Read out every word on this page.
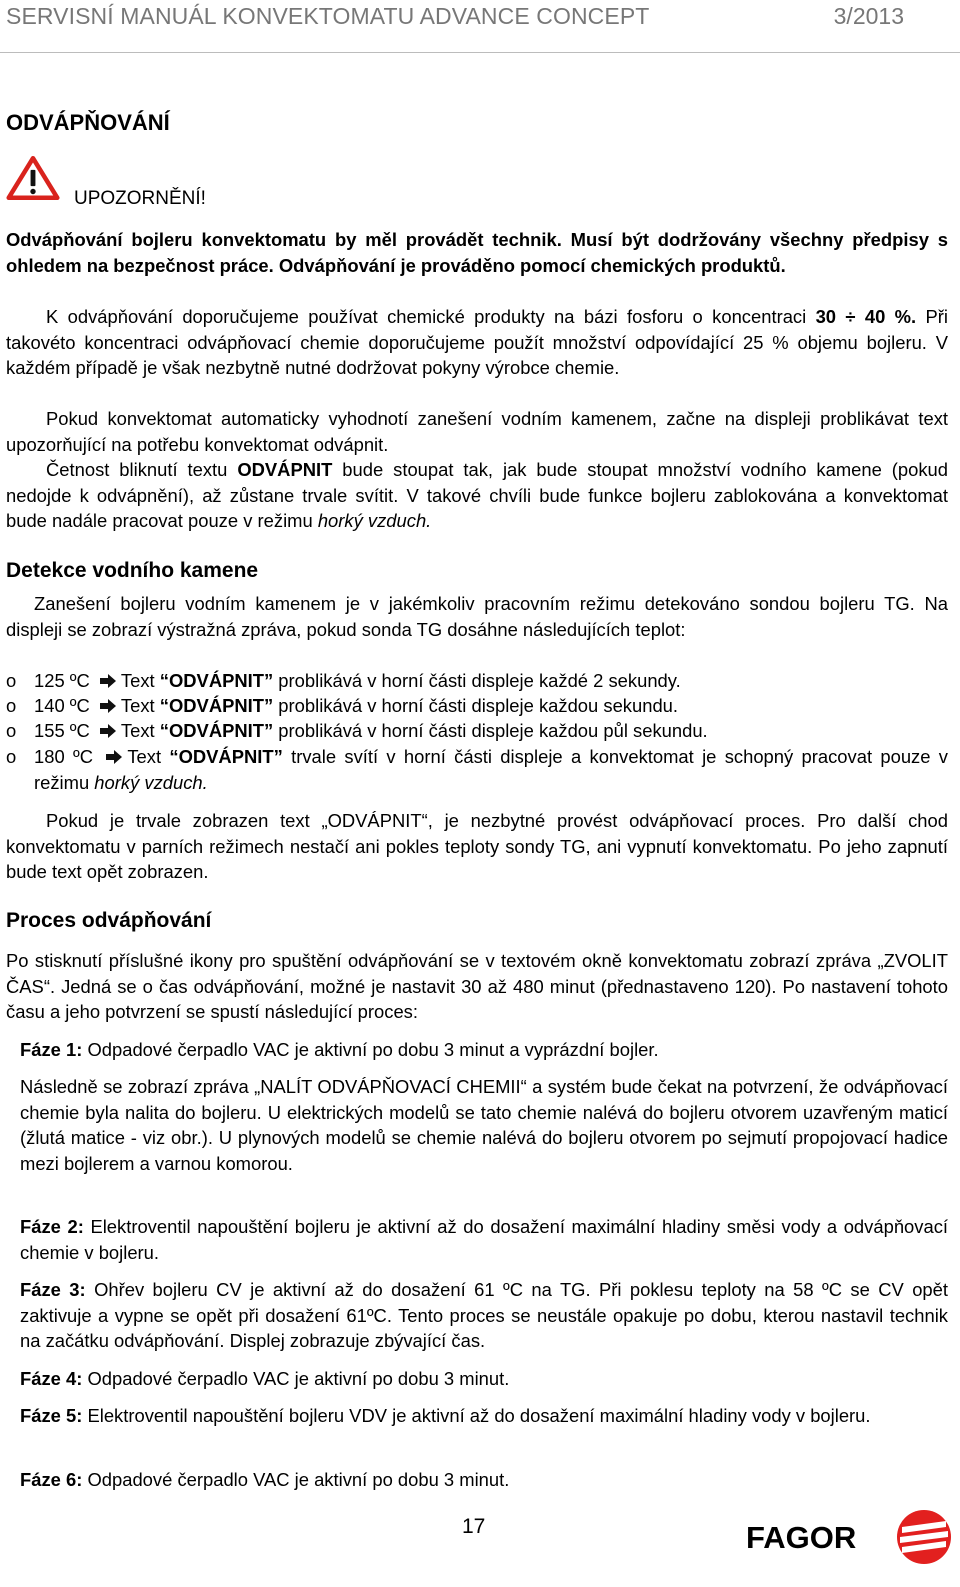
SERVISNÍ MANUÁL KONVEKTOMATU ADVANCE CONCEPT	3/2013
ODVÁPŇOVÁNÍ
UPOZORNĚNÍ!
Odvápňování bojleru konvektomatu by měl provádět technik. Musí být dodržovány všechny předpisy s ohledem na bezpečnost práce. Odvápňování je prováděno pomocí chemických produktů.
K odvápňování doporučujeme používat chemické produkty na bázi fosforu o koncentraci 30 ÷ 40 %. Při takovéto koncentraci odvápňovací chemie doporučujeme použít množství odpovídající 25 % objemu bojleru. V každém případě je však nezbytně nutné dodržovat pokyny výrobce chemie.
Pokud konvektomat automaticky vyhodnotí zanešení vodním kamenem, začne na displeji problikávat text upozorňující na potřebu konvektomat odvápnit.
Četnost bliknutí textu ODVÁPNIT bude stoupat tak, jak bude stoupat množství vodního kamene (pokud nedojde k odvápnění), až zůstane trvale svítit. V takové chvíli bude funkce bojleru zablokována a konvektomat bude nadále pracovat pouze v režimu horký vzduch.
Detekce vodního kamene
Zanešení bojleru vodním kamenem je v jakémkoliv pracovním režimu detekováno sondou bojleru TG. Na displeji se zobrazí výstražná zpráva, pokud sonda TG dosáhne následujících teplot:
o 125 ºC Text “ODVÁPNIT” problikává v horní části displeje každé 2 sekundy.
o 140 ºC Text “ODVÁPNIT” problikává v horní části displeje každou sekundu.
o 155 ºC Text “ODVÁPNIT” problikává v horní části displeje každou půl sekundu.
o 180 ºC Text “ODVÁPNIT” trvale svítí v horní části displeje a konvektomat je schopný pracovat pouze v režimu horký vzduch.
Pokud je trvale zobrazen text „ODVÁPNIT“, je nezbytné provést odvápňovací proces. Pro další chod konvektomatu v parních režimech nestačí ani pokles teploty sondy TG, ani vypnutí konvektomatu. Po jeho zapnutí bude text opět zobrazen.
Proces odvápňování
Po stisknutí příslušné ikony pro spuštění odvápňování se v textovém okně konvektomatu zobrazí zpráva „ZVOLIT ČAS“. Jedná se o čas odvápňování, možné je nastavit 30 až 480 minut (přednastaveno 120). Po nastavení tohoto času a jeho potvrzení se spustí následující proces:
Fáze 1: Odpadové čerpadlo VAC je aktivní po dobu 3 minut a vyprázdní bojler.
Následně se zobrazí zpráva „NALÍT ODVÁPŇOVACÍ CHEMII“ a systém bude čekat na potvrzení, že odvápňovací chemie byla nalita do bojleru. U elektrických modelů se tato chemie nalévá do bojleru otvorem uzavřeným maticí (žlutá matice - viz obr.). U plynových modelů se chemie nalévá do bojleru otvorem po sejmutí propojovací hadice mezi bojlerem a varnou komorou.
Fáze 2: Elektroventil napouštění bojleru je aktivní až do dosažení maximální hladiny směsi vody a odvápňovací chemie v bojleru.
Fáze 3: Ohřev bojleru CV je aktivní až do dosažení 61 ºC na TG. Při poklesu teploty na 58 ºC se CV opět zaktivuje a vypne se opět při dosažení 61ºC. Tento proces se neustále opakuje po dobu, kterou nastavil technik na začátku odvápňování. Displej zobrazuje zbývající čas.
Fáze 4: Odpadové čerpadlo VAC je aktivní po dobu 3 minut.
Fáze 5: Elektroventil napouštění bojleru VDV je aktivní až do dosažení maximální hladiny vody v bojleru.
Fáze 6: Odpadové čerpadlo VAC je aktivní po dobu 3 minut.
17	FAGOR
